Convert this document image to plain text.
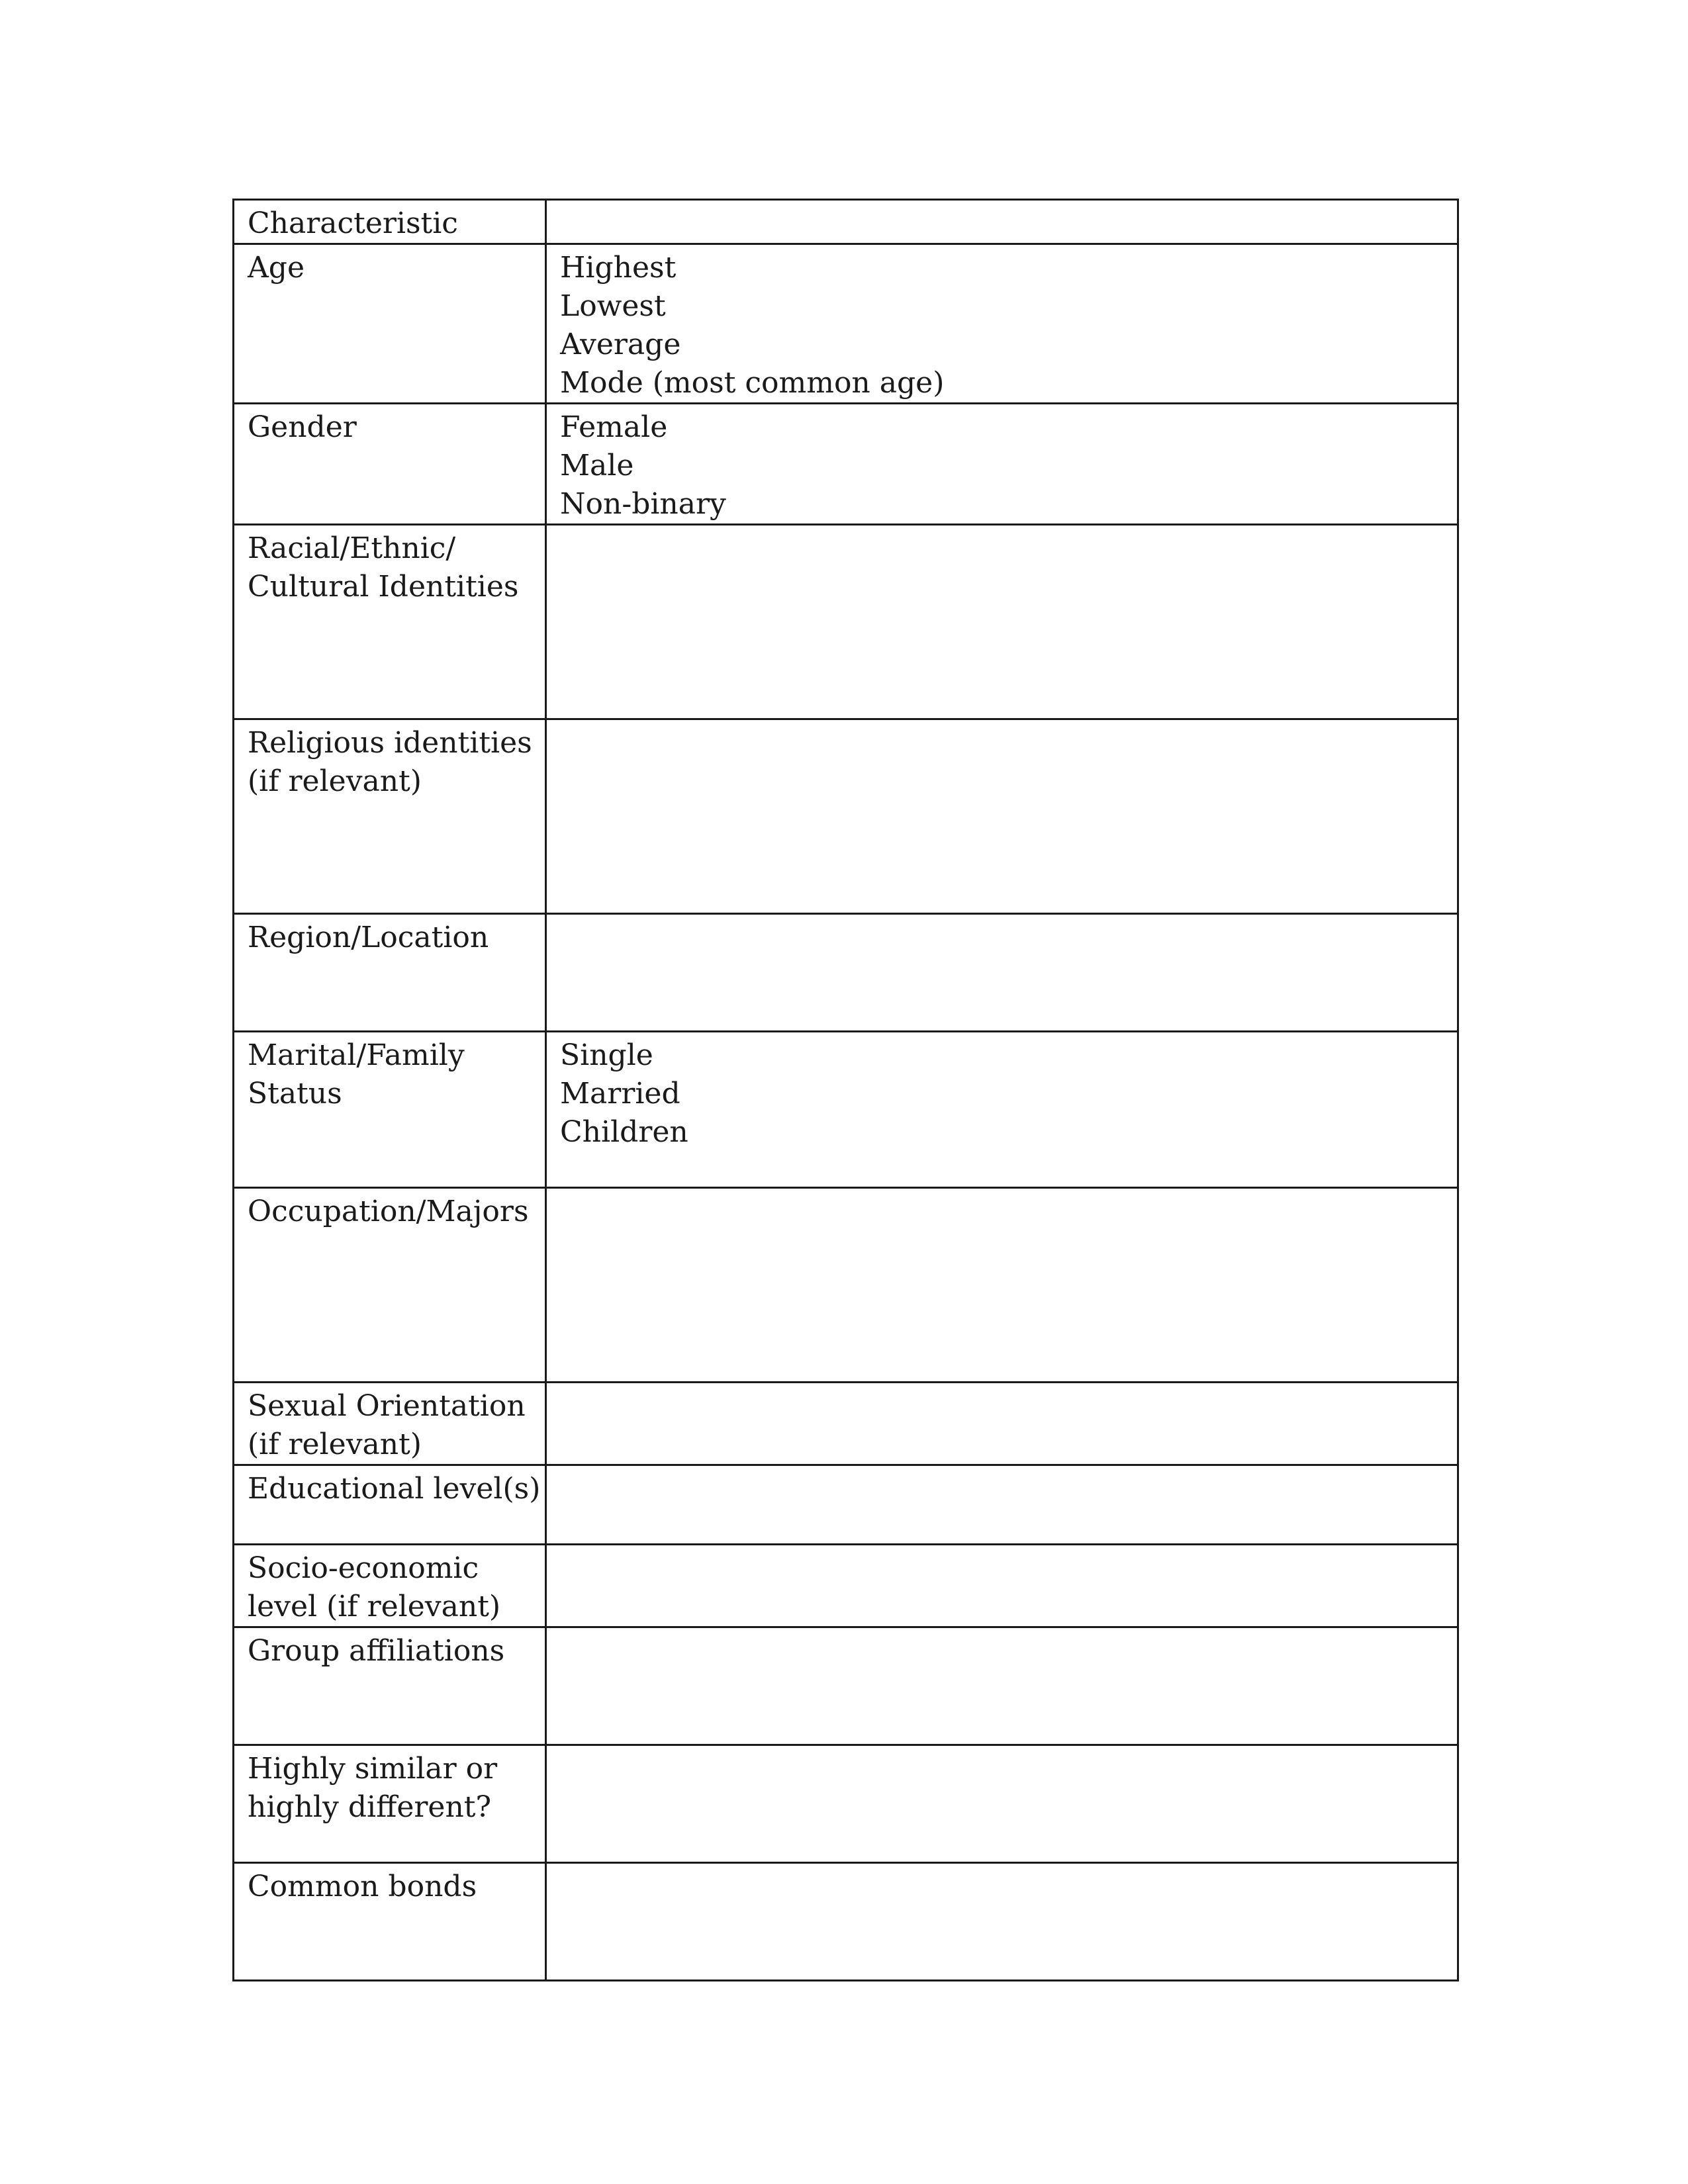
Characteristic	

Age	Highest
Lowest
Average
Mode (most common age)

Gender	Female
Male
Non-binary

Racial/Ethnic/
Cultural Identities	

Religious identities
(if relevant)	

Region/Location	

Marital/Family
Status	Single
Married
Children

Occupation/Majors	

Sexual Orientation
(if relevant)	

Educational level(s)	

Socio-economic
level (if relevant)	

Group affiliations	

Highly similar or
highly different?	

Common bonds	
